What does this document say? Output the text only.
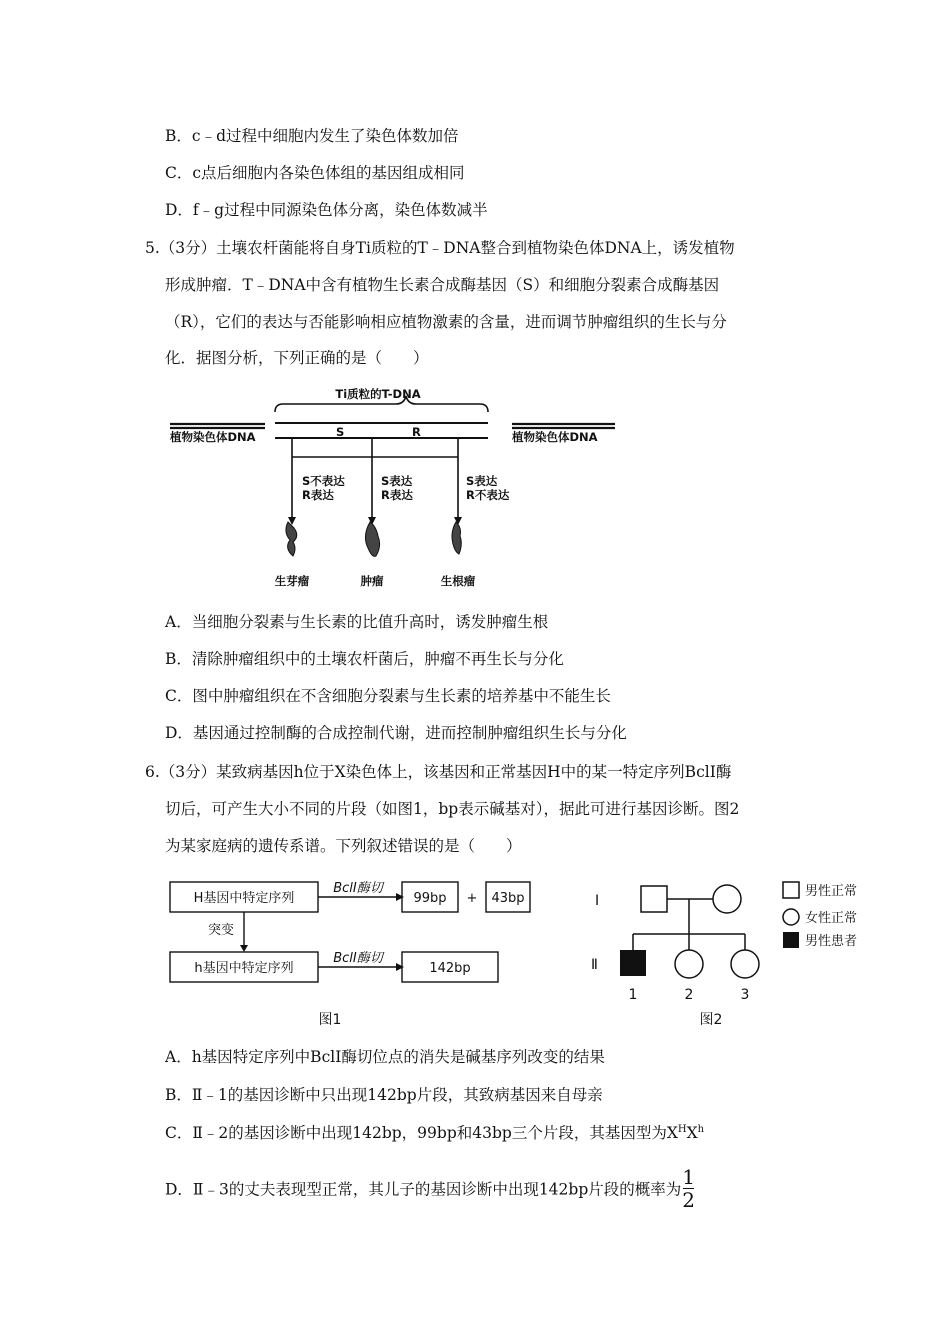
B．c﹣d过程中细胞内发生了染色体数加倍
C．c点后细胞内各染色体组的基因组成相同
D．f﹣g过程中同源染色体分离，染色体数减半
5.（3分）土壤农杆菌能将自身Ti质粒的T﹣DNA整合到植物染色体DNA上，诱发植物
形成肿瘤．T﹣DNA中含有植物生长素合成酶基因（S）和细胞分裂素合成酶基因
（R），它们的表达与否能影响相应植物激素的含量，进而调节肿瘤组织的生长与分
化．据图分析，下列正确的是（　　）
Ti质粒的T-DNA
植物染色体DNA	植物染色体DNA
S	R
S不表达
R表达
S表达
R表达
S表达
R不表达
生芽瘤	肿瘤	生根瘤
A．当细胞分裂素与生长素的比值升高时，诱发肿瘤生根
B．清除肿瘤组织中的土壤农杆菌后，肿瘤不再生长与分化
C．图中肿瘤组织在不含细胞分裂素与生长素的培养基中不能生长
D．基因通过控制酶的合成控制代谢，进而控制肿瘤组织生长与分化
6.（3分）某致病基因h位于X染色体上，该基因和正常基因H中的某一特定序列BclI酶
切后，可产生大小不同的片段（如图1，bp表示碱基对），据此可进行基因诊断。图2
为某家庭病的遗传系谱。下列叙述错误的是（　　）
H基因中特定序列
BclⅠ酶切
99bp + 43bp
突变
h基因中特定序列
BclⅠ酶切
142bp
图1
Ⅰ
Ⅱ
1	2	3
男性正常
女性正常
男性患者
图2
A．h基因特定序列中BclⅠ酶切位点的消失是碱基序列改变的结果
B．Ⅱ﹣1的基因诊断中只出现142bp片段，其致病基因来自母亲
C．Ⅱ﹣2的基因诊断中出现142bp，99bp和43bp三个片段，其基因型为$X^HX^h$
D．Ⅱ﹣3的丈夫表现型正常，其儿子的基因诊断中出现142bp片段的概率为 $\frac{1}{2}$
